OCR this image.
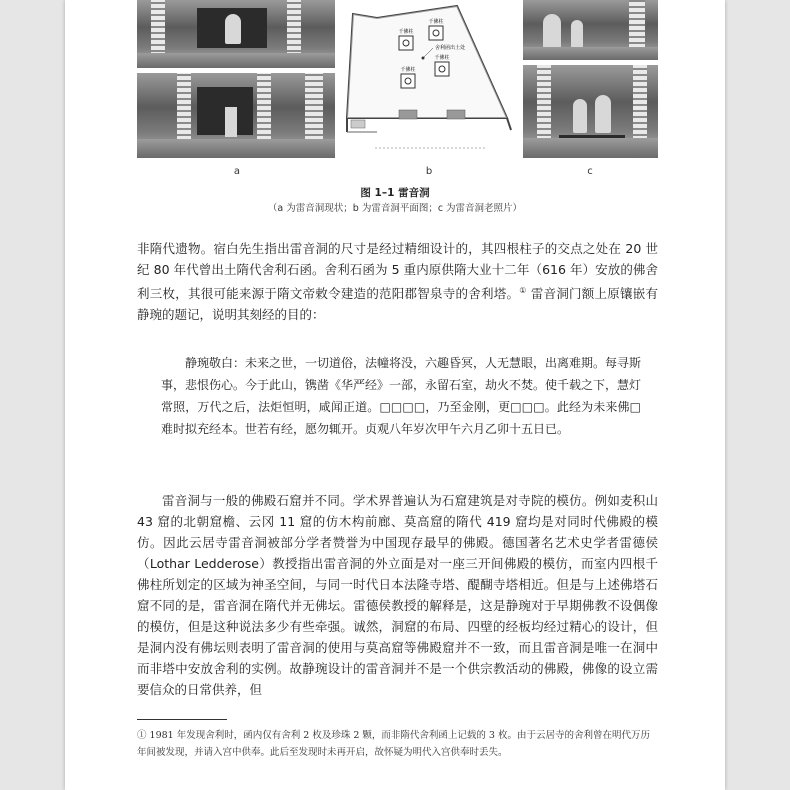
千佛柱
千佛柱
千佛柱
千佛柱
舍利函出土处
a	b	c
图 1–1 雷音洞
（a 为雷音洞现状；b 为雷音洞平面图；c 为雷音洞老照片）

非隋代遗物。宿白先生指出雷音洞的尺寸是经过精细设计的，其四根柱子的交点之处在 20 世纪 80 年代曾出土隋代舍利石函。舍利石函为 5 重内原供隋大业十二年（616 年）安放的佛舍利三枚，其很可能来源于隋文帝敕令建造的范阳郡智泉寺的舍利塔。① 雷音洞门额上原镶嵌有静琬的题记，说明其刻经的目的：

静琬敬白：未来之世，一切道俗，法幢将没，六趣昏冥，人无慧眼，出离难期。每寻斯事，悲恨伤心。今于此山，镌凿《华严经》一部，永留石室，劫火不焚。使千载之下，慧灯常照，万代之后，法炬恒明，咸闻正道。□□□□，乃至金刚，更□□□。此经为未来佛□难时拟充经本。世若有经，愿勿辄开。贞观八年岁次甲午六月乙卯十五日已。

雷音洞与一般的佛殿石窟并不同。学术界普遍认为石窟建筑是对寺院的模仿。例如麦积山 43 窟的北朝窟檐、云冈 11 窟的仿木构前廊、莫高窟的隋代 419 窟均是对同时代佛殿的模仿。因此云居寺雷音洞被部分学者赞誉为中国现存最早的佛殿。德国著名艺术史学者雷德侯（Lothar Ledderose）教授指出雷音洞的外立面是对一座三开间佛殿的模仿，而室内四根千佛柱所划定的区域为神圣空间，与同一时代日本法隆寺塔、醍醐寺塔相近。但是与上述佛塔石窟不同的是，雷音洞在隋代并无佛坛。雷德侯教授的解释是，这是静琬对于早期佛教不设偶像的模仿，但是这种说法多少有些牵强。诚然，洞窟的布局、四壁的经板均经过精心的设计，但是洞内没有佛坛则表明了雷音洞的使用与莫高窟等佛殿窟并不一致，而且雷音洞是唯一在洞中而非塔中安放舍利的实例。故静琬设计的雷音洞并不是一个供宗教活动的佛殿，佛像的设立需要信众的日常供养，但

① 1981 年发现舍利时，函内仅有舍利 2 枚及珍珠 2 颗，而非隋代舍利函上记载的 3 枚。由于云居寺的舍利曾在明代万历年间被发现，并请入宫中供奉。此后至发现时未再开启，故怀疑为明代入宫供奉时丢失。
